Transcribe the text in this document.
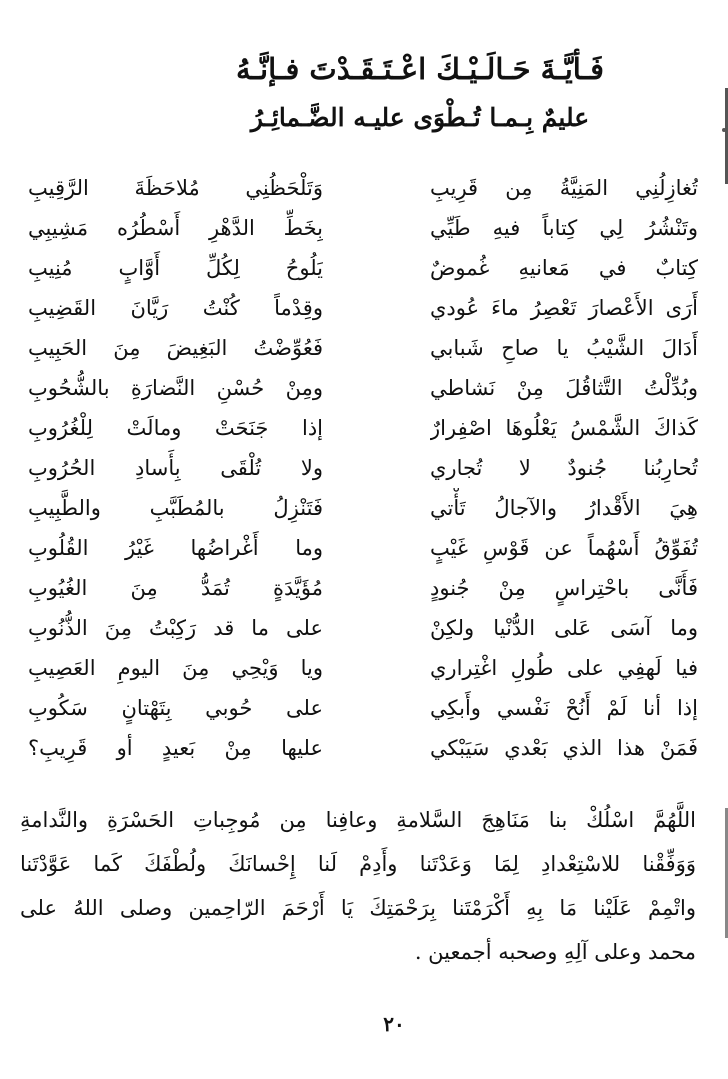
فَـأيَّـةَ حَـالَـيْـكَ اعْـتَـقَـدْتَ فـإنَّـهُ
عليمٌ بِـمـا تُـطْوَى عليـه الضَّـمائِـرُ
تُغازِلُنِي المَنِيَّةُ مِن قَرِيبِ
وَتَلْحَظُنِي مُلاحَظَةَ الرَّقِيبِ
وتَنْشُرُ لِي كِتاباً فيهِ طَيِّي
بِخَطِّ الدَّهْرِ أَسْطُرُه مَشِيبِي
كِتابٌ في مَعانيهِ غُموضٌ
يَلُوحُ لِكُلِّ أَوَّابٍ مُنِيبِ
أَرَى الأَعْصارَ تَعْصِرُ ماءَ عُودي
وقِدْماً كُنْتُ رَيَّانَ القَضِيبِ
أَدَالَ الشَّيْبُ يا صاحِ شَبابي
فَعُوِّضْتُ البَغِيضَ مِنَ الحَبِيبِ
وبُدِّلْتُ التَّثاقُلَ مِنْ نَشاطي
ومِنْ حُسْنِ النَّضارَةِ بالشُّحُوبِ
كَذاكَ الشَّمْسُ يَعْلُوهَا اصْفِرارٌ
إذا جَنَحَتْ ومالَتْ لِلْغُرُوبِ
تُحارِبُنا جُنودٌ لا تُجاري
ولا تُلْقَى بِأَسادِ الحُرُوبِ
هِيَ الأَقْدارُ والآجالُ تَأْتي
فَتَنْزِلُ بالمُطَبَّبِ والطَّبِيبِ
تُفَوِّقُ أَسْهُماً عن قَوْسِ غَيْبٍ
وما أَغْراضُها غَيْرُ القُلُوبِ
فَأَنَّى باحْتِراسٍ مِنْ جُنودٍ
مُؤَيَّدَةٍ تُمَدُّ مِنَ الغُيُوبِ
وما آسَى عَلى الدُّنْيا ولكِنْ
على ما قد رَكِبْتُ مِنَ الذُّنُوبِ
فيا لَهفِي على طُولِ اغْتِراري
ويا وَيْحِي مِنَ اليومِ العَصِيبِ
إذا أنا لَمْ أَنُحْ نَفْسي وأَبكِي
على حُوبي بِتَهْتانٍ سَكُوبِ
فَمَنْ هذا الذي بَعْدي سَيَبْكي
عليها مِنْ بَعيدٍ أو قَرِيبِ؟
اللَّهُمَّ اسْلُكْ بنا مَنَاهِجَ السَّلامةِ وعافِنا مِن مُوجِباتِ الحَسْرَةِ والنَّدامةِ
وَوَفِّقْنا للاسْتِعْدادِ لِمَا وَعَدْتَنا وأَدِمْ لَنا إِحْسانَكَ ولُطْفَكَ كَما عَوَّدْتَنا
واتْمِمْ عَلَيْنا مَا بِهِ أَكْرَمْتَنا بِرَحْمَتِكَ يَا أَرْحَمَ الرّاحِمين وصلى اللهُ على
محمد وعلى آلِهِ وصحبه أجمعين .
٢٠
